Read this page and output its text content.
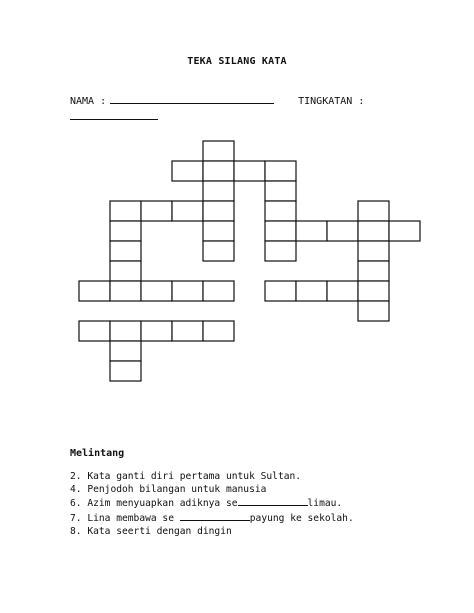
TEKA SILANG KATA
NAMA :	TINGKATAN :
Melintang
2. Kata ganti diri pertama untuk Sultan.
4. Penjodoh bilangan untuk manusia
6. Azim menyuapkan adiknya se	limau.
7. Lina membawa se	payung ke sekolah.
8. Kata seerti dengan dingin
